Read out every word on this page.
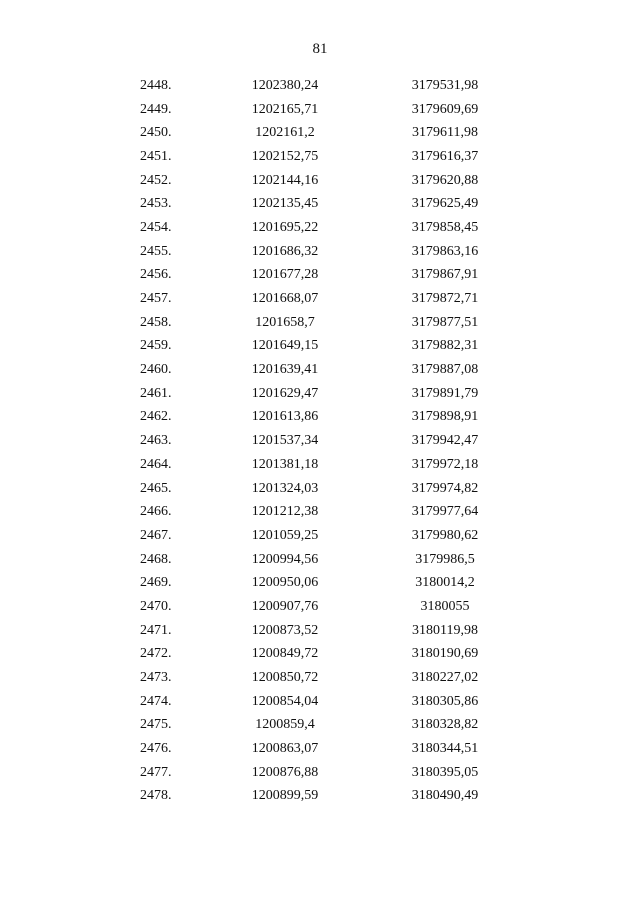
81
2448.	1202380,24	3179531,98
2449.	1202165,71	3179609,69
2450.	1202161,2	3179611,98
2451.	1202152,75	3179616,37
2452.	1202144,16	3179620,88
2453.	1202135,45	3179625,49
2454.	1201695,22	3179858,45
2455.	1201686,32	3179863,16
2456.	1201677,28	3179867,91
2457.	1201668,07	3179872,71
2458.	1201658,7	3179877,51
2459.	1201649,15	3179882,31
2460.	1201639,41	3179887,08
2461.	1201629,47	3179891,79
2462.	1201613,86	3179898,91
2463.	1201537,34	3179942,47
2464.	1201381,18	3179972,18
2465.	1201324,03	3179974,82
2466.	1201212,38	3179977,64
2467.	1201059,25	3179980,62
2468.	1200994,56	3179986,5
2469.	1200950,06	3180014,2
2470.	1200907,76	3180055
2471.	1200873,52	3180119,98
2472.	1200849,72	3180190,69
2473.	1200850,72	3180227,02
2474.	1200854,04	3180305,86
2475.	1200859,4	3180328,82
2476.	1200863,07	3180344,51
2477.	1200876,88	3180395,05
2478.	1200899,59	3180490,49
